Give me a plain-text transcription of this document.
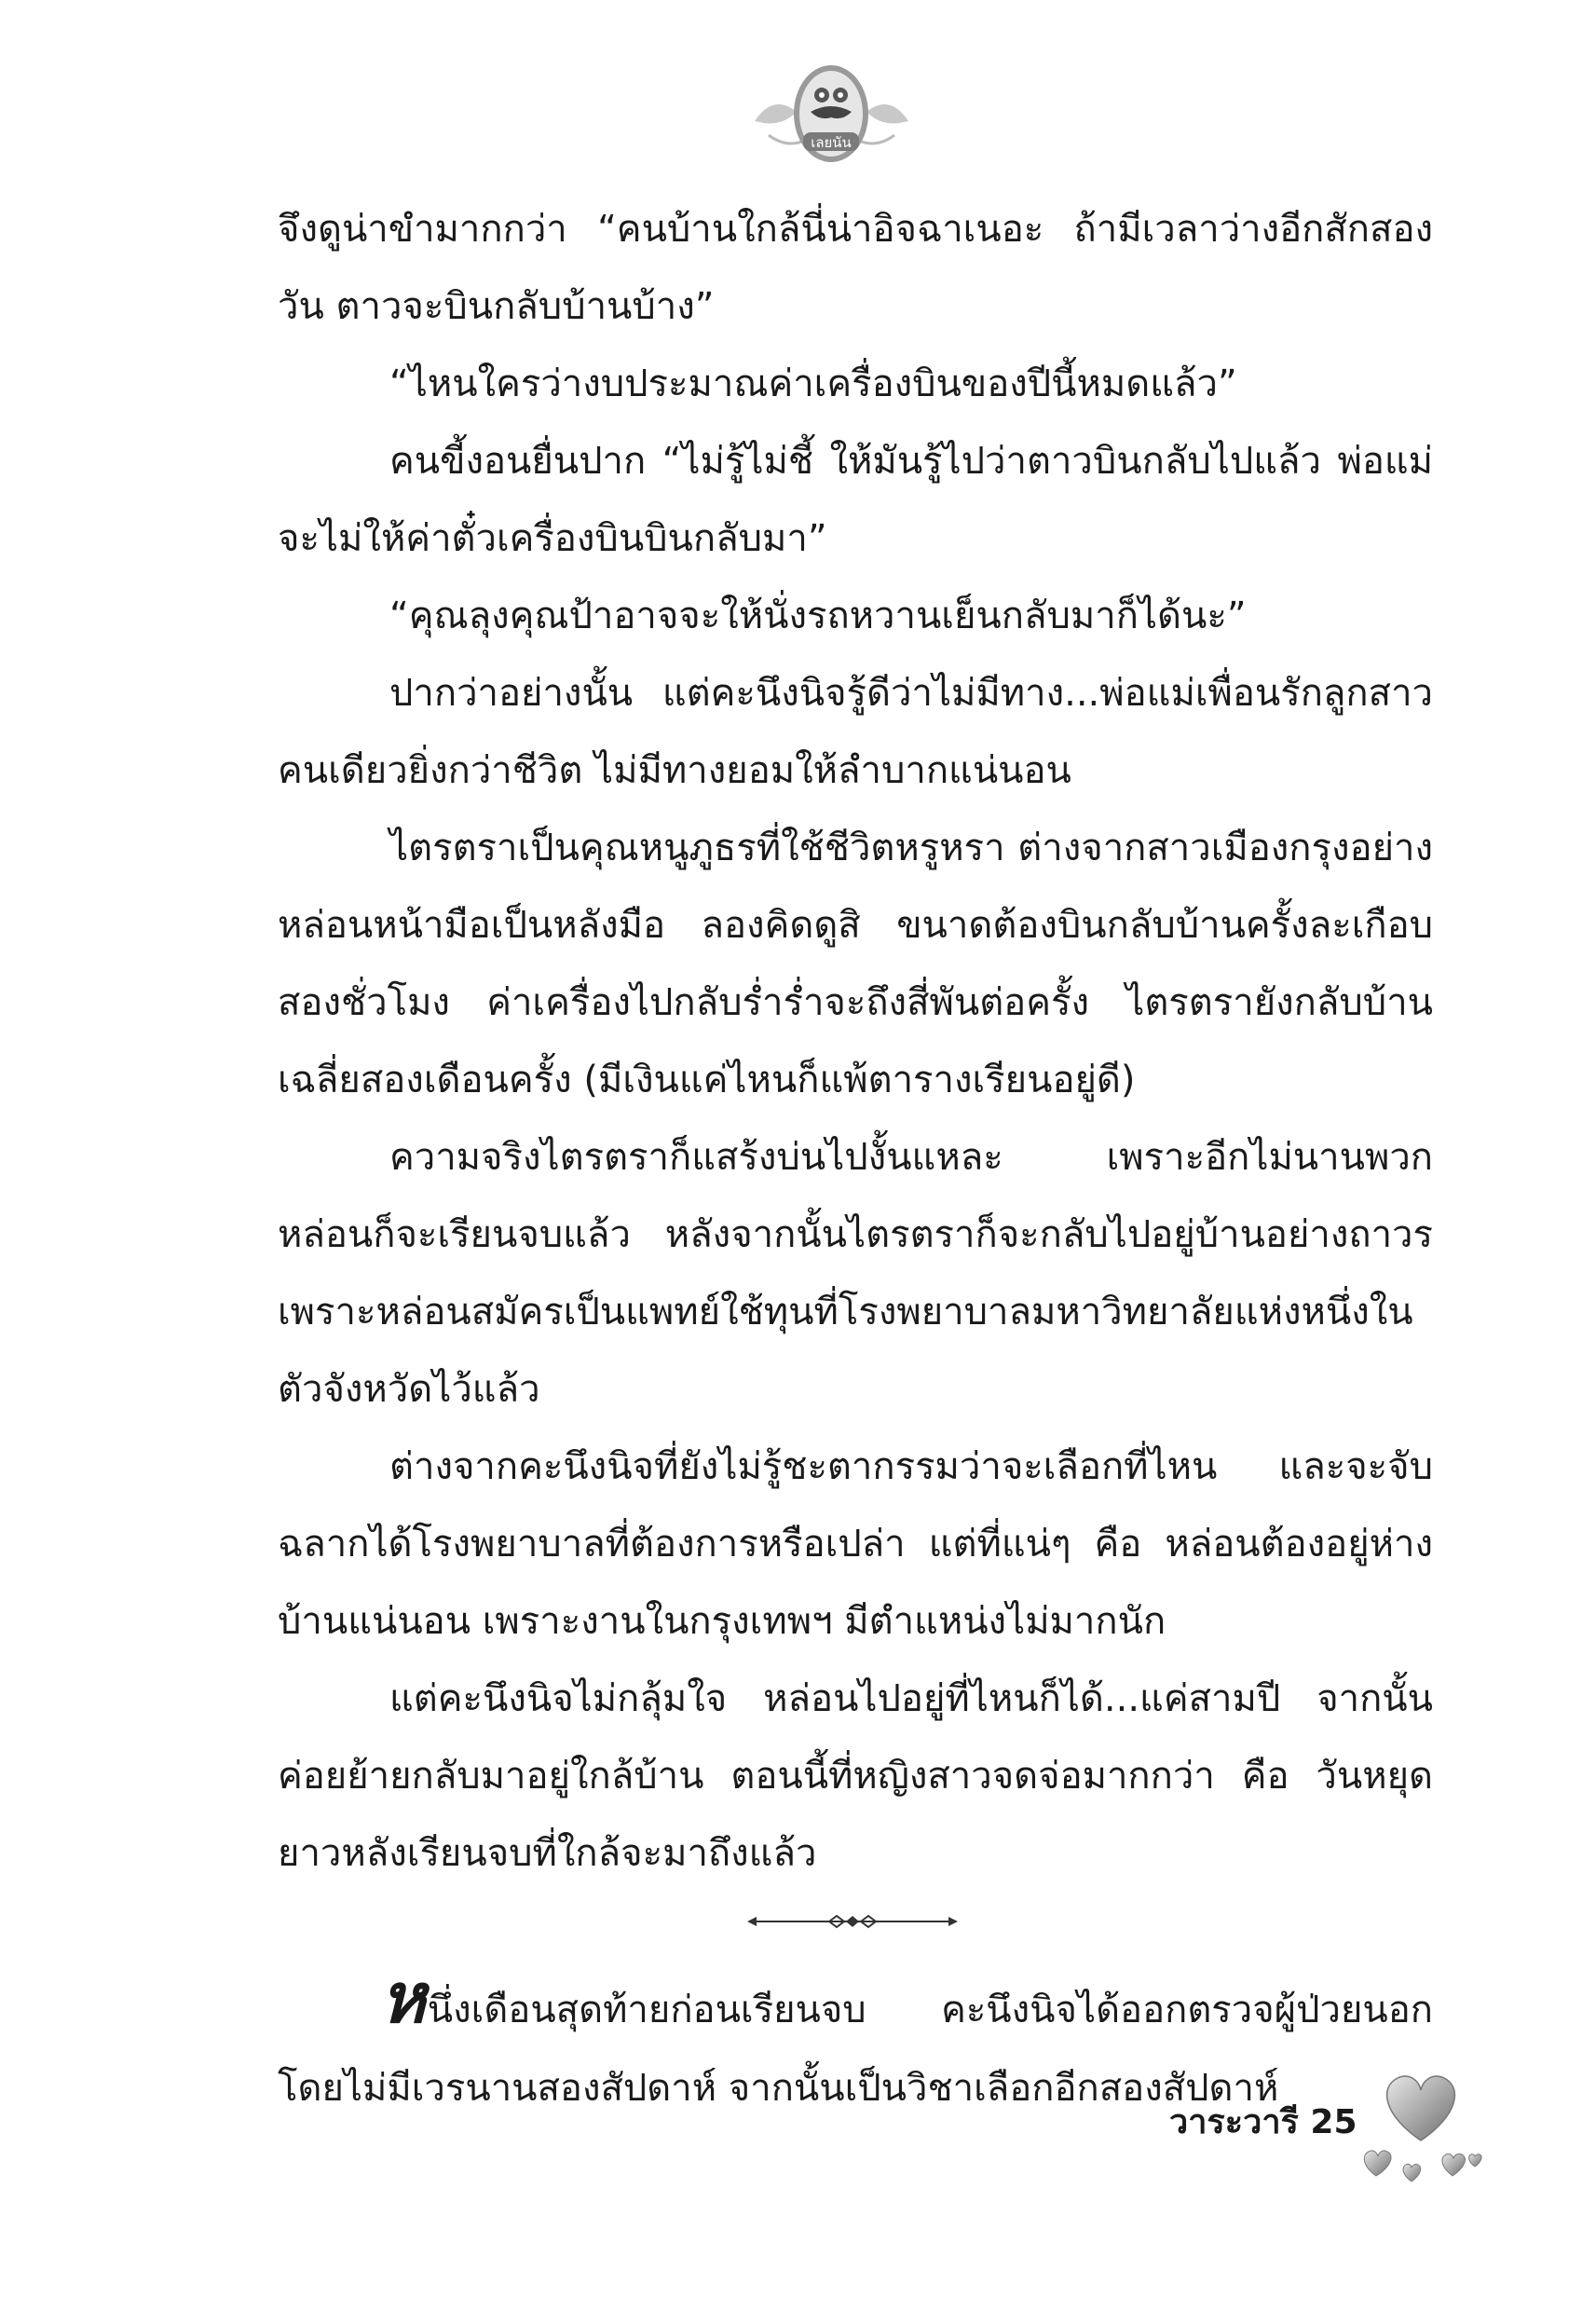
เลยนัน

จึงดูน่าขำมากกว่า “คนบ้านใกล้นี่น่าอิจฉาเนอะ ถ้ามีเวลาว่างอีกสักสองวัน ตาวจะบินกลับบ้านบ้าง”

“ไหนใครว่างบประมาณค่าเครื่องบินของปีนี้หมดแล้ว”

คนขี้งอนยื่นปาก “ไม่รู้ไม่ชี้ ให้มันรู้ไปว่าตาวบินกลับไปแล้ว พ่อแม่จะไม่ให้ค่าตั๋วเครื่องบินบินกลับมา”

“คุณลุงคุณป้าอาจจะให้นั่งรถหวานเย็นกลับมาก็ได้นะ”

ปากว่าอย่างนั้น แต่คะนึงนิจรู้ดีว่าไม่มีทาง...พ่อแม่เพื่อนรักลูกสาวคนเดียวยิ่งกว่าชีวิต ไม่มีทางยอมให้ลำบากแน่นอน

ไตรตราเป็นคุณหนูภูธรที่ใช้ชีวิตหรูหรา ต่างจากสาวเมืองกรุงอย่างหล่อนหน้ามือเป็นหลังมือ ลองคิดดูสิ ขนาดต้องบินกลับบ้านครั้งละเกือบสองชั่วโมง ค่าเครื่องไปกลับร่ำร่ำจะถึงสี่พันต่อครั้ง ไตรตรายังกลับบ้านเฉลี่ยสองเดือนครั้ง (มีเงินแค่ไหนก็แพ้ตารางเรียนอยู่ดี)

ความจริงไตรตราก็แสร้งบ่นไปงั้นแหละ เพราะอีกไม่นานพวกหล่อนก็จะเรียนจบแล้ว หลังจากนั้นไตรตราก็จะกลับไปอยู่บ้านอย่างถาวร เพราะหล่อนสมัครเป็นแพทย์ใช้ทุนที่โรงพยาบาลมหาวิทยาลัยแห่งหนึ่งในตัวจังหวัดไว้แล้ว

ต่างจากคะนึงนิจที่ยังไม่รู้ชะตากรรมว่าจะเลือกที่ไหน และจะจับฉลากได้โรงพยาบาลที่ต้องการหรือเปล่า แต่ที่แน่ๆ คือ หล่อนต้องอยู่ห่างบ้านแน่นอน เพราะงานในกรุงเทพฯ มีตำแหน่งไม่มากนัก

แต่คะนึงนิจไม่กลุ้มใจ หล่อนไปอยู่ที่ไหนก็ได้...แค่สามปี จากนั้นค่อยย้ายกลับมาอยู่ใกล้บ้าน ตอนนี้ที่หญิงสาวจดจ่อมากกว่า คือ วันหยุดยาวหลังเรียนจบที่ใกล้จะมาถึงแล้ว

หนึ่งเดือนสุดท้ายก่อนเรียนจบ คะนึงนิจได้ออกตรวจผู้ป่วยนอกโดยไม่มีเวรนานสองสัปดาห์ จากนั้นเป็นวิชาเลือกอีกสองสัปดาห์

วาระวารี 25
